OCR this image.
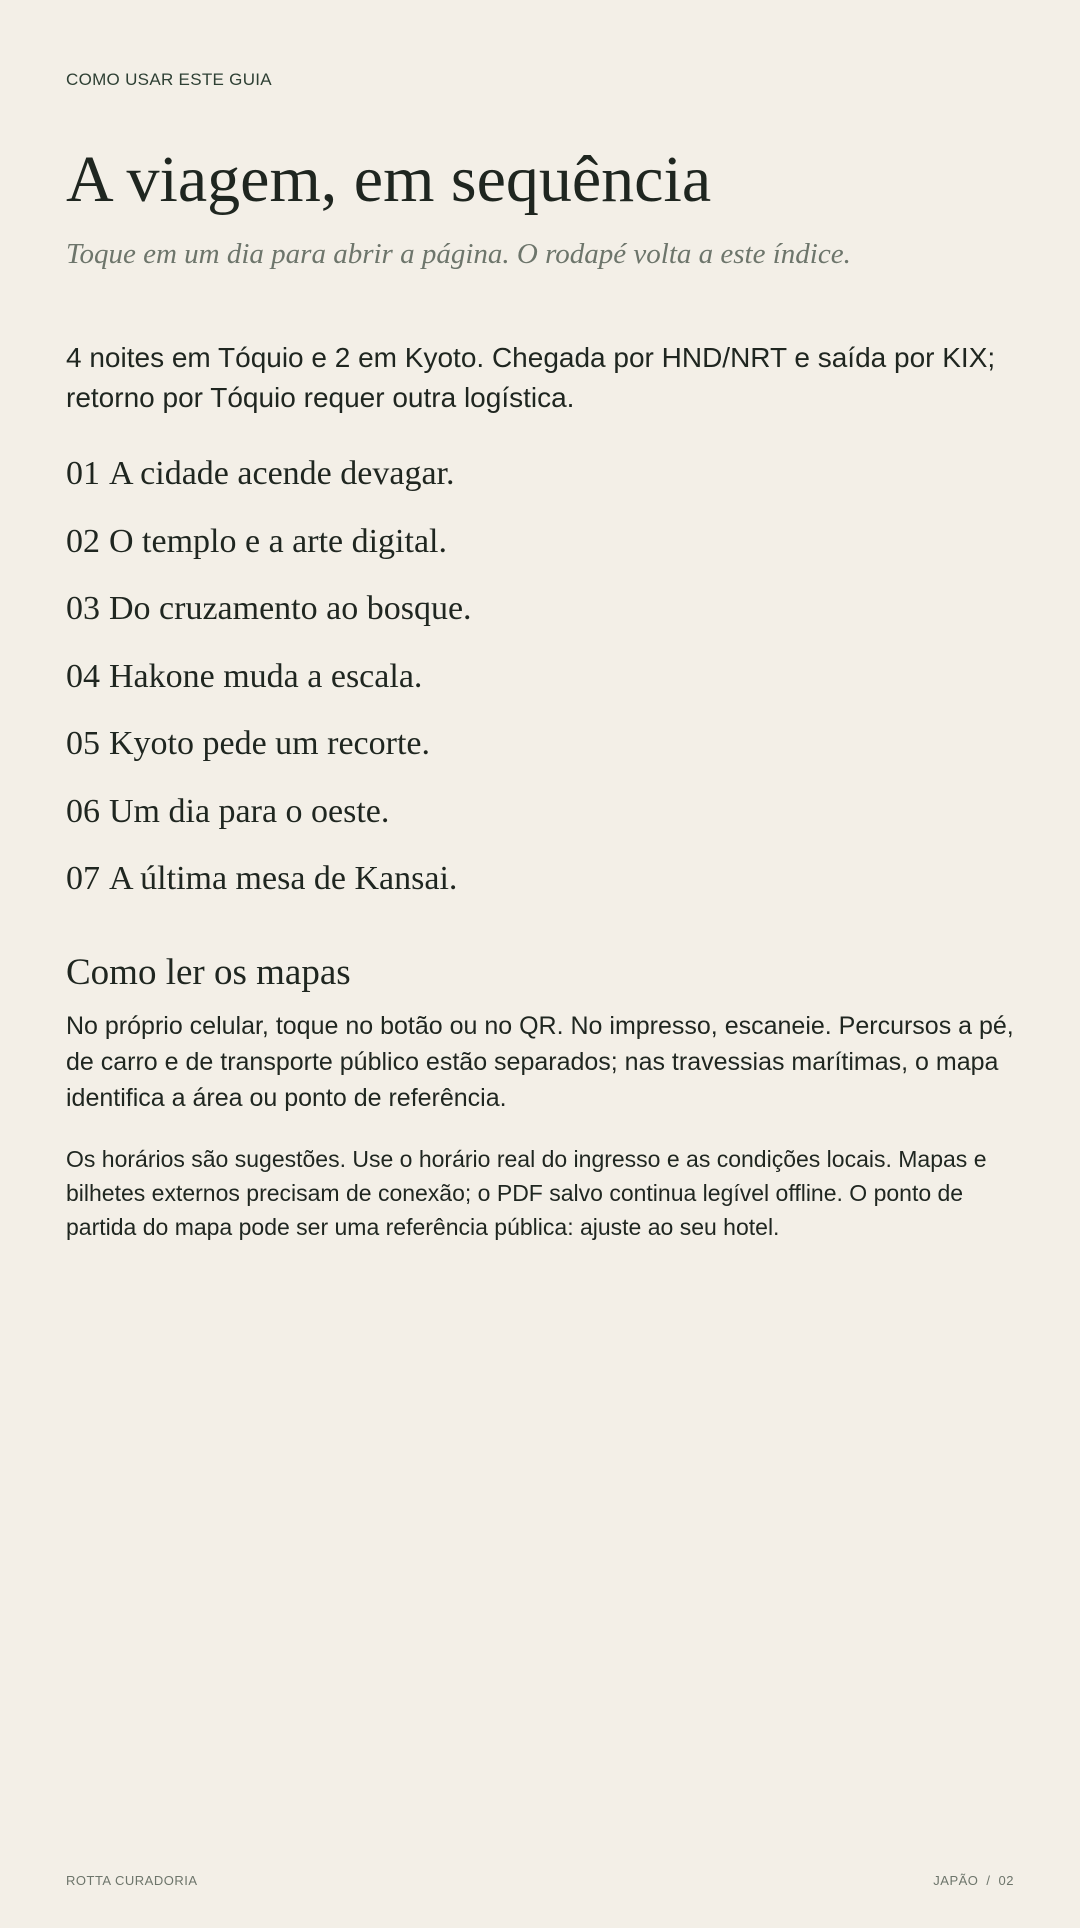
COMO USAR ESTE GUIA
A viagem, em sequência
Toque em um dia para abrir a página. O rodapé volta a este índice.

4 noites em Tóquio e 2 em Kyoto. Chegada por HND/NRT e saída por KIX; retorno por Tóquio requer outra logística.

01 A cidade acende devagar.
02 O templo e a arte digital.
03 Do cruzamento ao bosque.
04 Hakone muda a escala.
05 Kyoto pede um recorte.
06 Um dia para o oeste.
07 A última mesa de Kansai.
Como ler os mapas

No próprio celular, toque no botão ou no QR. No impresso, escaneie. Percursos a pé, de carro e de transporte público estão separados; nas travessias marítimas, o mapa identifica a área ou ponto de referência.

Os horários são sugestões. Use o horário real do ingresso e as condições locais. Mapas e bilhetes externos precisam de conexão; o PDF salvo continua legível offline. O ponto de partida do mapa pode ser uma referência pública: ajuste ao seu hotel.

ROTTA CURADORIA	JAPÃO / 02
